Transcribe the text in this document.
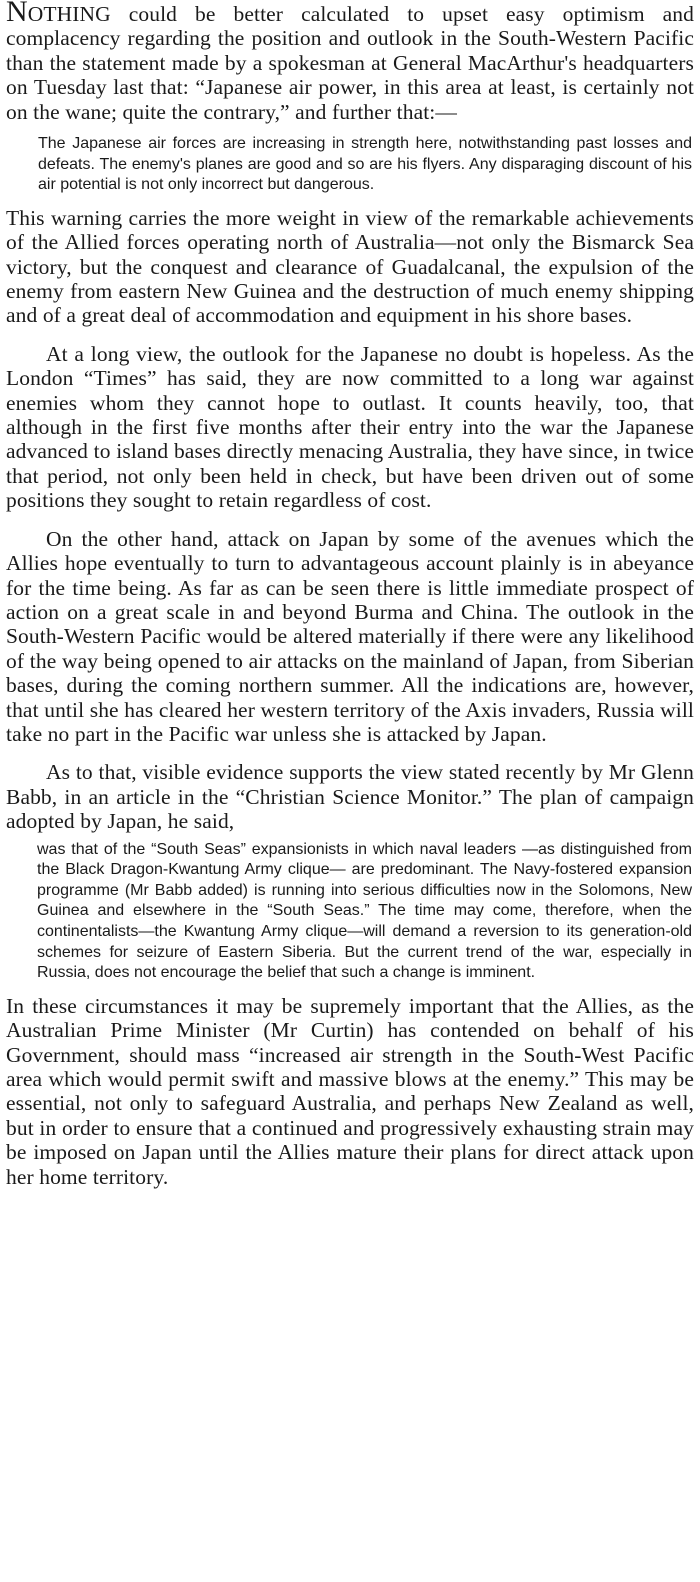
NOTHING could be better calculated to upset easy optimism and complacency regarding the position and outlook in the South-Western Pacific than the statement made by a spokesman at General MacArthur's headquarters on Tuesday last that: “Japanese air power, in this area at least, is certainly not on the wane; quite the contrary,” and further that:—

The Japanese air forces are increasing in strength here, notwithstanding past losses and defeats. The enemy's planes are good and so are his flyers. Any disparaging discount of his air potential is not only incorrect but dangerous.

This warning carries the more weight in view of the remarkable achievements of the Allied forces operating north of Australia—not only the Bismarck Sea victory, but the conquest and clearance of Guadalcanal, the expulsion of the enemy from eastern New Guinea and the destruction of much enemy shipping and of a great deal of accommodation and equipment in his shore bases.

At a long view, the outlook for the Japanese no doubt is hopeless. As the London “Times” has said, they are now committed to a long war against enemies whom they cannot hope to outlast. It counts heavily, too, that although in the first five months after their entry into the war the Japanese advanced to island bases directly menacing Australia, they have since, in twice that period, not only been held in check, but have been driven out of some positions they sought to retain regardless of cost.

On the other hand, attack on Japan by some of the avenues which the Allies hope eventually to turn to advantageous account plainly is in abeyance for the time being. As far as can be seen there is little immediate prospect of action on a great scale in and beyond Burma and China. The outlook in the South-Western Pacific would be altered materially if there were any likelihood of the way being opened to air attacks on the mainland of Japan, from Siberian bases, during the coming northern summer. All the indications are, however, that until she has cleared her western territory of the Axis invaders, Russia will take no part in the Pacific war unless she is attacked by Japan.

As to that, visible evidence supports the view stated recently by Mr Glenn Babb, in an article in the “Christian Science Monitor.” The plan of campaign adopted by Japan, he said,

was that of the “South Seas” expansionists in which naval leaders —as distinguished from the Black Dragon-Kwantung Army clique— are predominant. The Navy-fostered expansion programme (Mr Babb added) is running into serious difficulties now in the Solomons, New Guinea and elsewhere in the “South Seas.” The time may come, therefore, when the continentalists—the Kwantung Army clique—will demand a reversion to its generation-old schemes for seizure of Eastern Siberia. But the current trend of the war, especially in Russia, does not encourage the belief that such a change is imminent.

In these circumstances it may be supremely important that the Allies, as the Australian Prime Minister (Mr Curtin) has contended on behalf of his Government, should mass “increased air strength in the South-West Pacific area which would permit swift and massive blows at the enemy.” This may be essential, not only to safeguard Australia, and perhaps New Zealand as well, but in order to ensure that a continued and progressively exhausting strain may be imposed on Japan until the Allies mature their plans for direct attack upon her home territory.
